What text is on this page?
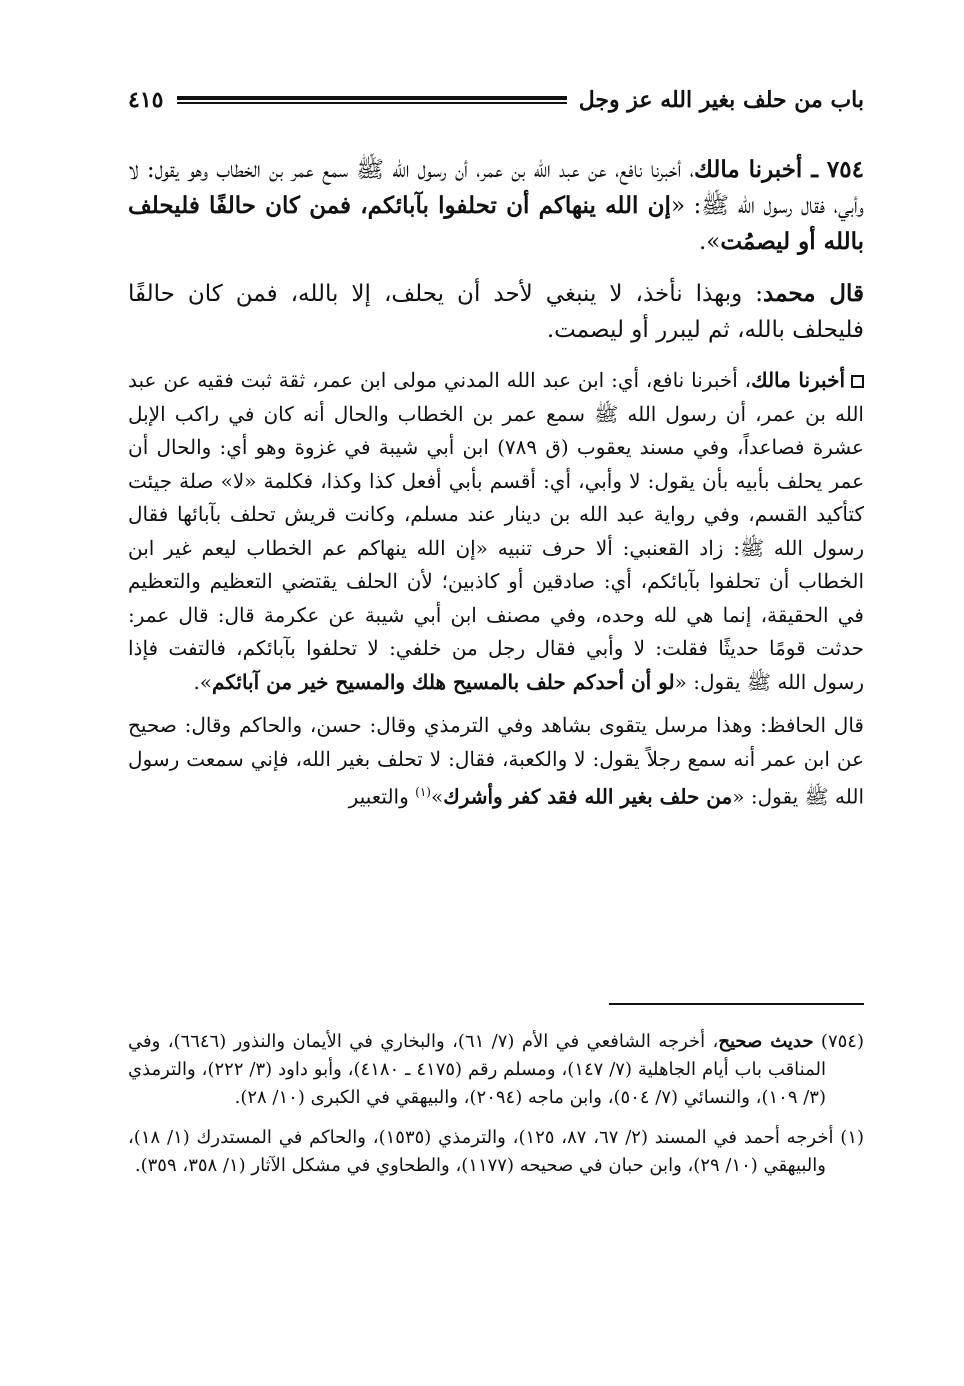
باب من حلف بغير الله عز وجل
٤١٥

٧٥٤ ـ أخبرنا مالك، أخبرنا نافع، عن عبد الله بن عمر، أن رسول الله ﷺ سمع عمر بن الخطاب وهو يقول: لا وأبي، فقال رسول الله ﷺ: «إن الله ينهاكم أن تحلفوا بآبائكم، فمن كان حالفًا فليحلف بالله أو ليصمُت».

قال محمد: وبهذا نأخذ، لا ينبغي لأحد أن يحلف، إلا بالله، فمن كان حالفًا فليحلف بالله، ثم ليبرر أو ليصمت.

أخبرنا مالك، أخبرنا نافع، أي: ابن عبد الله المدني مولى ابن عمر، ثقة ثبت فقيه عن عبد الله بن عمر، أن رسول الله ﷺ سمع عمر بن الخطاب والحال أنه كان في راكب الإبل عشرة فصاعداً، وفي مسند يعقوب (ق ٧٨٩) ابن أبي شيبة في غزوة وهو أي: والحال أن عمر يحلف بأبيه بأن يقول: لا وأبي، أي: أقسم بأبي أفعل كذا وكذا، فكلمة «لا» صلة جيئت كتأكيد القسم، وفي رواية عبد الله بن دينار عند مسلم، وكانت قريش تحلف بآبائها فقال رسول الله ﷺ: زاد القعنبي: ألا حرف تنبيه «إن الله ينهاكم عم الخطاب ليعم غير ابن الخطاب أن تحلفوا بآبائكم، أي: صادقين أو كاذبين؛ لأن الحلف يقتضي التعظيم والتعظيم في الحقيقة، إنما هي لله وحده، وفي مصنف ابن أبي شيبة عن عكرمة قال: قال عمر: حدثت قومًا حديثًا فقلت: لا وأبي فقال رجل من خلفي: لا تحلفوا بآبائكم، فالتفت فإذا رسول الله ﷺ يقول: «لو أن أحدكم حلف بالمسيح هلك والمسيح خير من آبائكم».

قال الحافظ: وهذا مرسل يتقوى بشاهد وفي الترمذي وقال: حسن، والحاكم وقال: صحيح عن ابن عمر أنه سمع رجلاً يقول: لا والكعبة، فقال: لا تحلف بغير الله، فإني سمعت رسول الله ﷺ يقول: «من حلف بغير الله فقد كفر وأشرك»$^{(١)}$ والتعبير

(٧٥٤) حديث صحيح، أخرجه الشافعي في الأم (٧/ ٦١)، والبخاري في الأيمان والنذور (٦٦٤٦)، وفي المناقب باب أيام الجاهلية (٧/ ١٤٧)، ومسلم رقم (٤١٧٥ ـ ٤١٨٠)، وأبو داود (٣/ ٢٢٢)، والترمذي (٣/ ١٠٩)، والنسائي (٧/ ٥٠٤)، وابن ماجه (٢٠٩٤)، والبيهقي في الكبرى (١٠/ ٢٨).

(١) أخرجه أحمد في المسند (٢/ ٦٧، ٨٧، ١٢٥)، والترمذي (١٥٣٥)، والحاكم في المستدرك (١/ ١٨)، والبيهقي (١٠/ ٢٩)، وابن حبان في صحيحه (١١٧٧)، والطحاوي في مشكل الآثار (١/ ٣٥٨، ٣٥٩).
